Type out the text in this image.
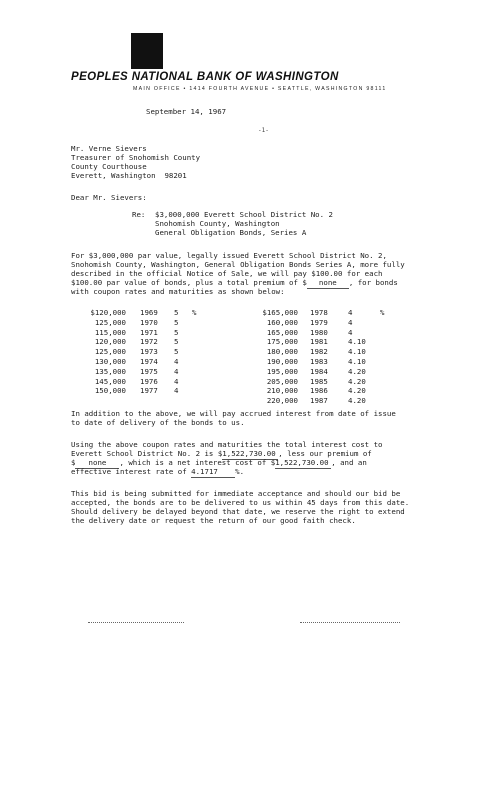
PEOPLES NATIONAL BANK OF WASHINGTON
MAIN OFFICE • 1414 FOURTH AVENUE • SEATTLE, WASHINGTON 98111
September 14, 1967
-1-
Mr. Verne Sievers
Treasurer of Snohomish County
County Courthouse
Everett, Washington  98201
Dear Mr. Sievers:
Re: $3,000,000 Everett School District No. 2
Snohomish County, Washington
General Obligation Bonds, Series A
For $3,000,000 par value, legally issued Everett School District No. 2,
Snohomish County, Washington, General Obligation Bonds Series A, more fully
described in the official Notice of Sale, we will pay $100.00 for each
$100.00 par value of bonds, plus a total premium of $ none , for bonds
with coupon rates and maturities as shown below:
$120,000	1969	5	%	$165,000	1978	4	%
125,000	1970	5		160,000	1979	4	
115,000	1971	5		165,000	1980	4	
120,000	1972	5		175,000	1981	4.10	
125,000	1973	5		180,000	1982	4.10	
130,000	1974	4		190,000	1983	4.10	
135,000	1975	4		195,000	1984	4.20	
145,000	1976	4		205,000	1985	4.20	
150,000	1977	4		210,000	1986	4.20	
				220,000	1987	4.20	
In addition to the above, we will pay accrued interest from date of issue
to date of delivery of the bonds to us.
Using the above coupon rates and maturities the total interest cost to
Everett School District No. 2 is $1,522,730.00 , less our premium of
$ none , which is a net interest cost of $1,522,730.00 , and an
effective interest rate of 4.1717 %.
This bid is being submitted for immediate acceptance and should our bid be
accepted, the bonds are to be delivered to us within 45 days from this date.
Should delivery be delayed beyond that date, we reserve the right to extend
the delivery date or request the return of our good faith check.
